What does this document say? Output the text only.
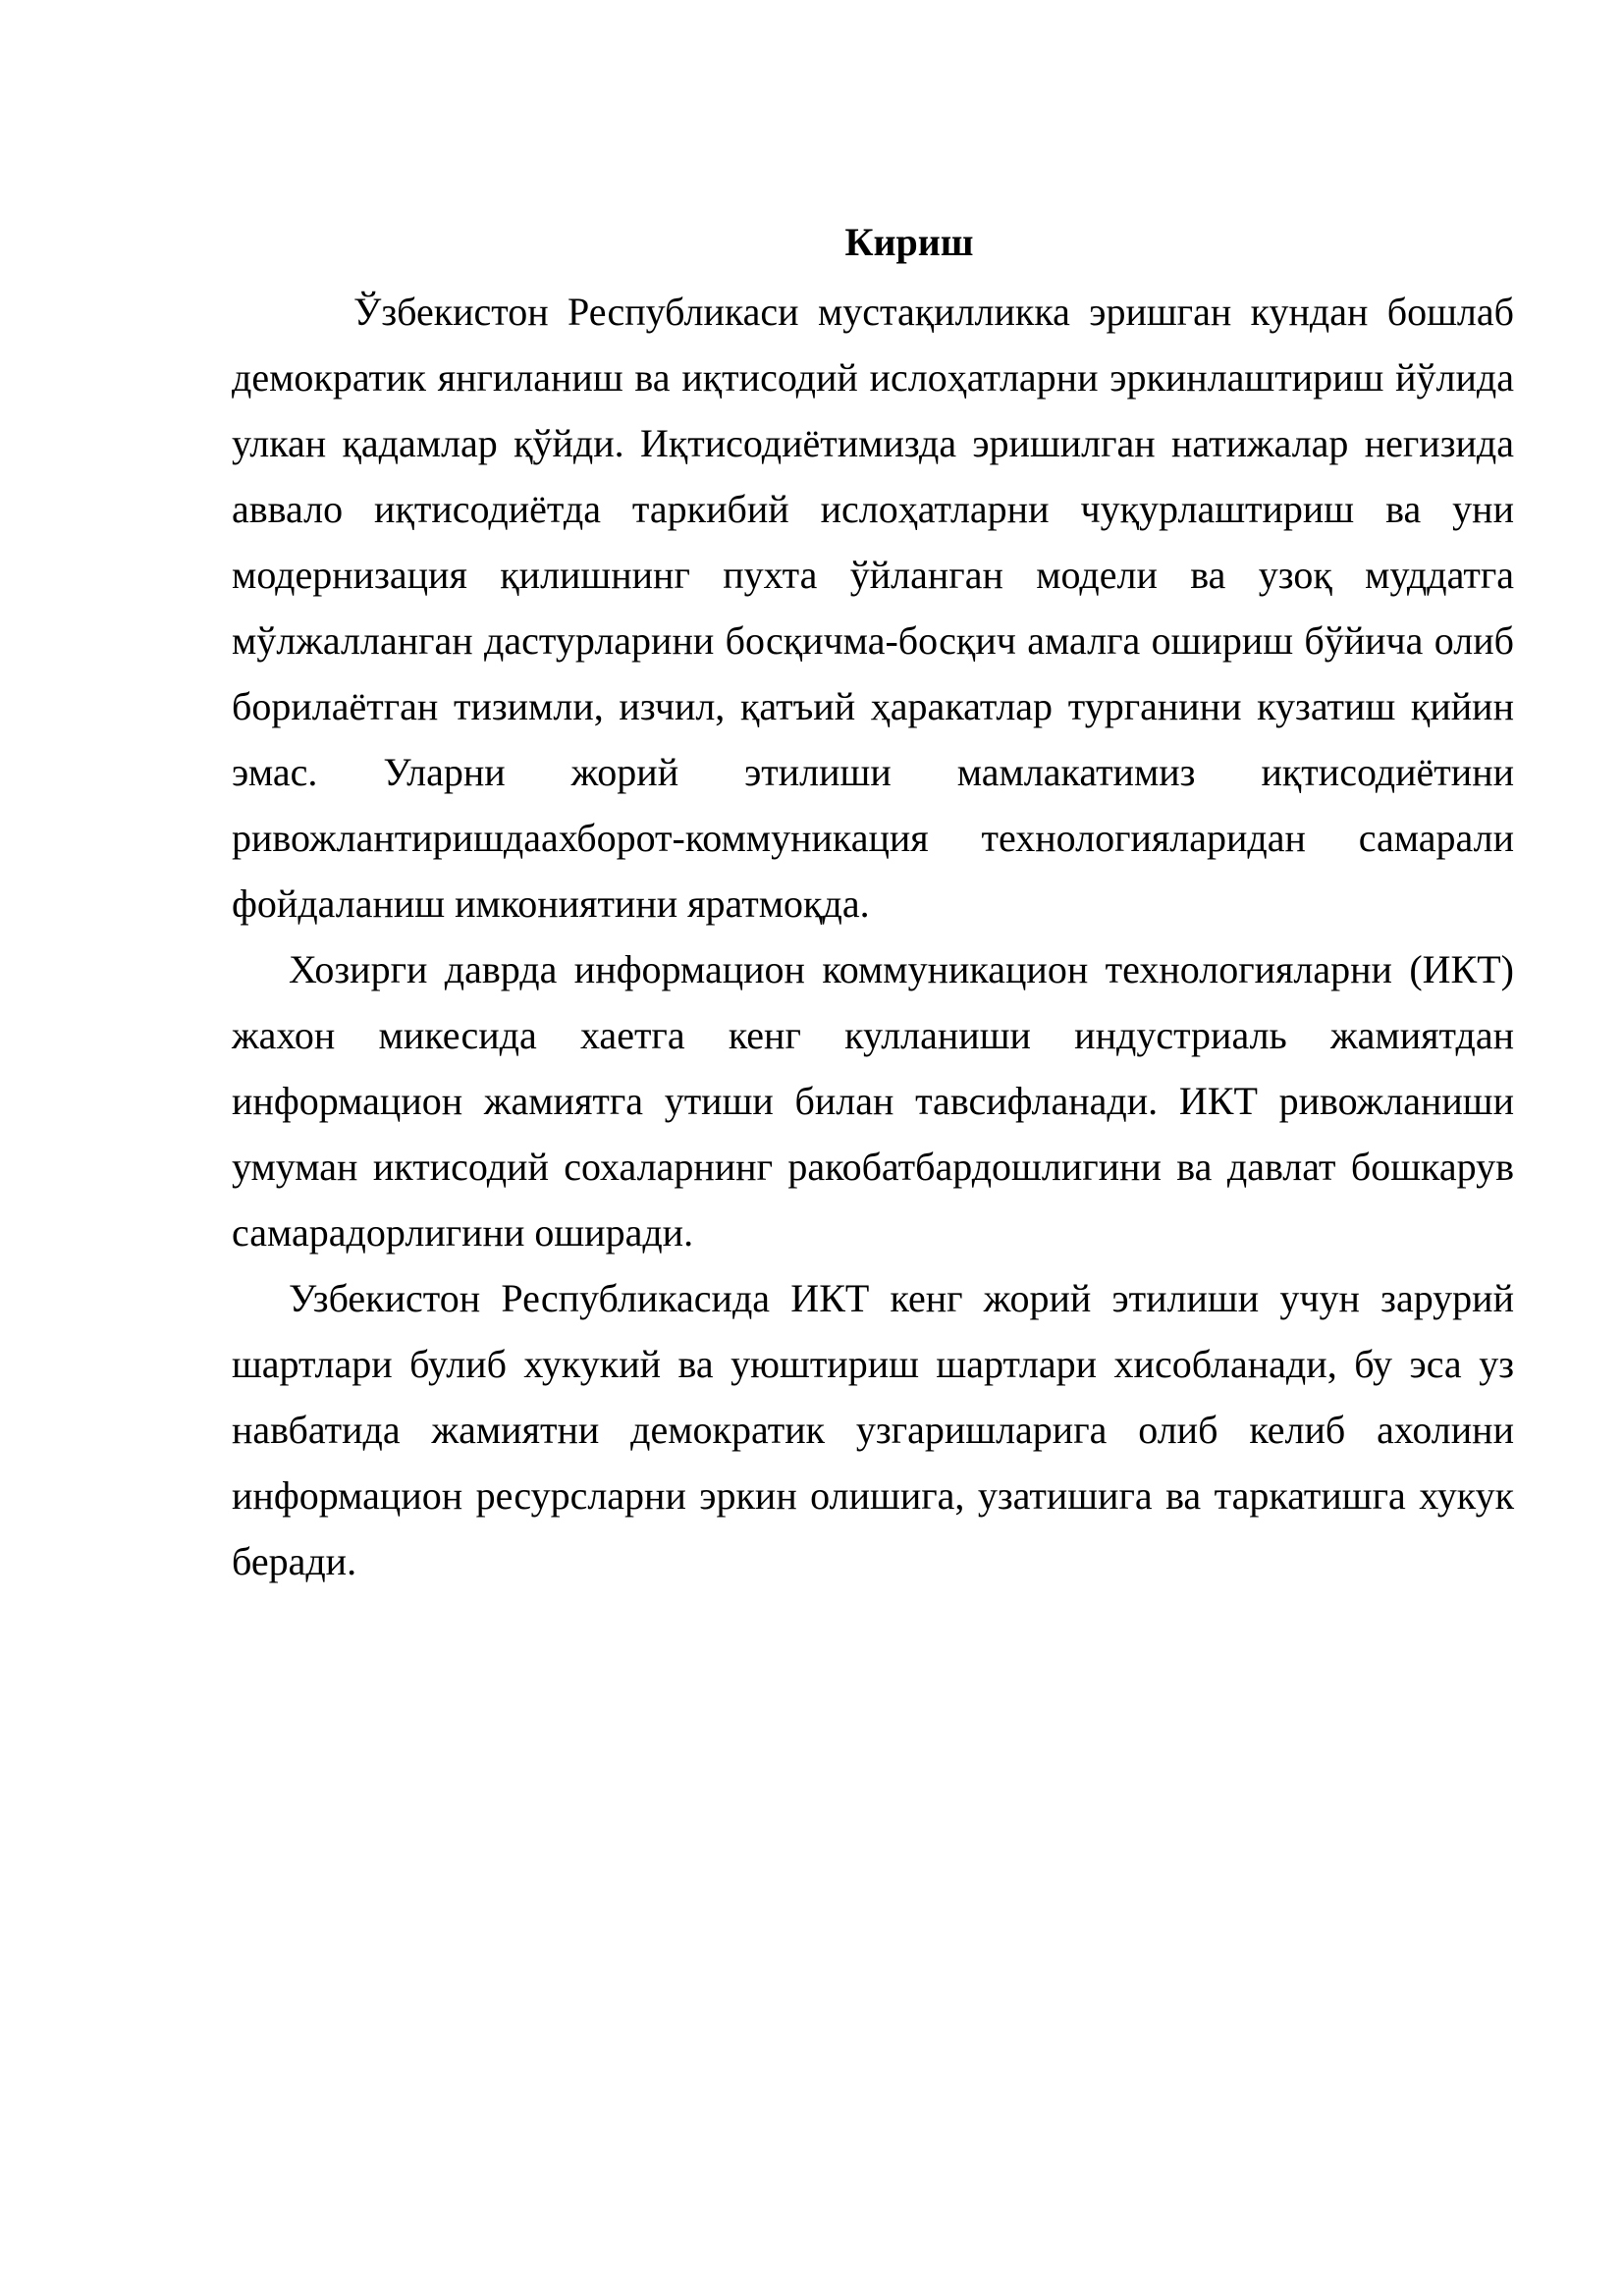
Кириш

Ўзбекистон Республикаси мустақилликка эришган кундан бошлаб демократик янгиланиш ва иқтисодий ислоҳатларни эркинлаштириш йўлида улкан қадамлар қўйди. Иқтисодиётимизда эришилган натижалар негизида аввало иқтисодиётда таркибий ислоҳатларни чуқурлаштириш ва уни модернизация қилишнинг пухта ўйланган модели ва узоқ муддатга мўлжалланган дастурларини босқичма-босқич амалга ошириш бўйича олиб борилаётган тизимли, изчил, қатъий ҳаракатлар турганини кузатиш қийин эмас. Уларни жорий этилиши мамлакатимиз иқтисодиётини ривожлантиришдаахборот-коммуникация технологияларидан самарали фойдаланиш имкониятини яратмоқда.

Хозирги даврда информацион коммуникацион технологияларни (ИКТ) жахон микесида хаетга кенг кулланиши индустриаль жамиятдан информацион жамиятга утиши билан тавсифланади. ИКТ ривожланиши умуман иктисодий сохаларнинг ракобатбардошлигини ва давлат бошкарув самарадорлигини оширади.

Узбекистон Республикасида ИКТ кенг жорий этилиши учун зарурий шартлари булиб хукукий ва уюштириш шартлари хисобланади, бу эса уз навбатида жамиятни демократик узгаришларига олиб келиб ахолини информацион ресурсларни эркин олишига, узатишига ва таркатишга хукук беради.
